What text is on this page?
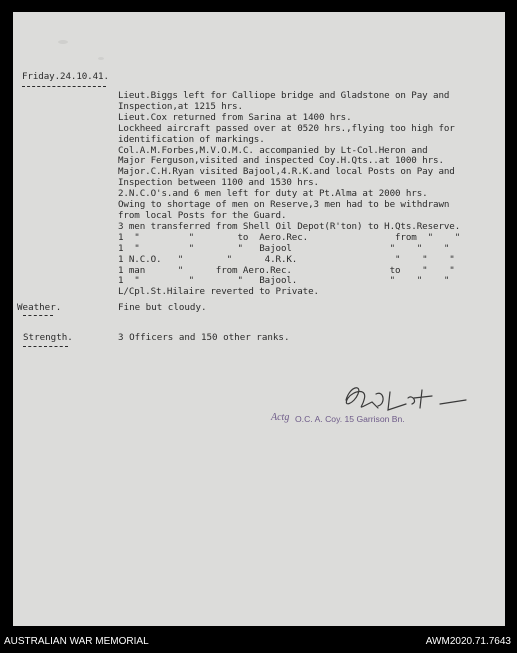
Friday.24.10.41.
Lieut.Biggs left for Calliope bridge and Gladstone on Pay and
Inspection,at 1215 hrs.
Lieut.Cox returned from Sarina at 1400 hrs.
Lockheed aircraft passed over at 0520 hrs.,flying too high for
identification of markings.
Col.A.M.Forbes,M.V.O.M.C. accompanied by Lt-Col.Heron and
Major Ferguson,visited and inspected Coy.H.Qts..at 1000 hrs.
Major.C.H.Ryan visited Bajool,4.R.K.and local Posts on Pay and
Inspection between 1100 and 1530 hrs.
2.N.C.O's.and 6 men left for duty at Pt.Alma at 2000 hrs.
Owing to shortage of men on Reserve,3 men had to be withdrawn
from local Posts for the Guard.
3 men transferred from Shell Oil Depot(R'ton) to H.Qts.Reserve.
1  "         "        to  Aero.Rec.                from  "    "
1  "         "        "   Bajool                  "    "    "
1 N.C.O.   "        "      4.R.K.                  "    "    "
1 man      "      from Aero.Rec.                  to    "    "
1  "         "        "   Bajool.                 "    "    "
L/Cpl.St.Hilaire reverted to Private.
Weather.	Fine but cloudy.
Strength.	3 Officers and 150 other ranks.
Actg O.C. A. Coy. 15 Garrison Bn.
AUSTRALIAN WAR MEMORIAL	AWM2020.71.7643
